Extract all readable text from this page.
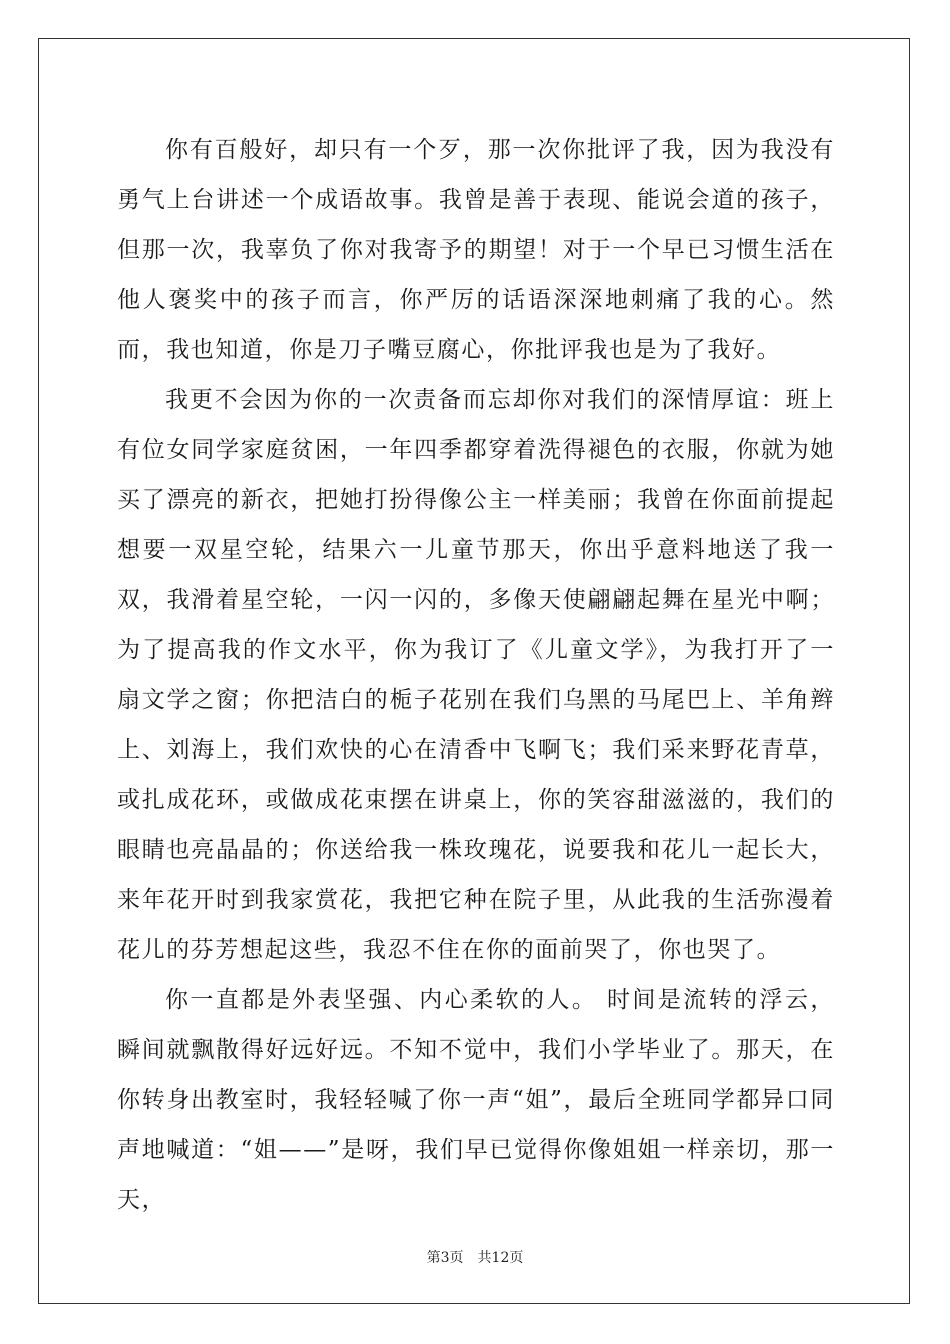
你有百般好，却只有一个歹，那一次你批评了我，因为我没有勇气上台讲述一个成语故事。我曾是善于表现、能说会道的孩子，但那一次，我辜负了你对我寄予的期望！对于一个早已习惯生活在他人褒奖中的孩子而言，你严厉的话语深深地刺痛了我的心。然而，我也知道，你是刀子嘴豆腐心，你批评我也是为了我好。

我更不会因为你的一次责备而忘却你对我们的深情厚谊：班上有位女同学家庭贫困，一年四季都穿着洗得褪色的衣服，你就为她买了漂亮的新衣，把她打扮得像公主一样美丽；我曾在你面前提起想要一双星空轮，结果六一儿童节那天，你出乎意料地送了我一双，我滑着星空轮，一闪一闪的，多像天使翩翩起舞在星光中啊；为了提高我的作文水平，你为我订了《儿童文学》，为我打开了一扇文学之窗；你把洁白的栀子花别在我们乌黑的马尾巴上、羊角辫上、刘海上，我们欢快的心在清香中飞啊飞；我们采来野花青草，或扎成花环，或做成花束摆在讲桌上，你的笑容甜滋滋的，我们的眼睛也亮晶晶的；你送给我一株玫瑰花，说要我和花儿一起长大，来年花开时到我家赏花，我把它种在院子里，从此我的生活弥漫着花儿的芬芳想起这些，我忍不住在你的面前哭了，你也哭了。

你一直都是外表坚强、内心柔软的人。 时间是流转的浮云，瞬间就飘散得好远好远。不知不觉中，我们小学毕业了。那天，在你转身出教室时，我轻轻喊了你一声“姐”，最后全班同学都异口同声地喊道：“姐——”是呀，我们早已觉得你像姐姐一样亲切，那一天，

第3页 共12页
